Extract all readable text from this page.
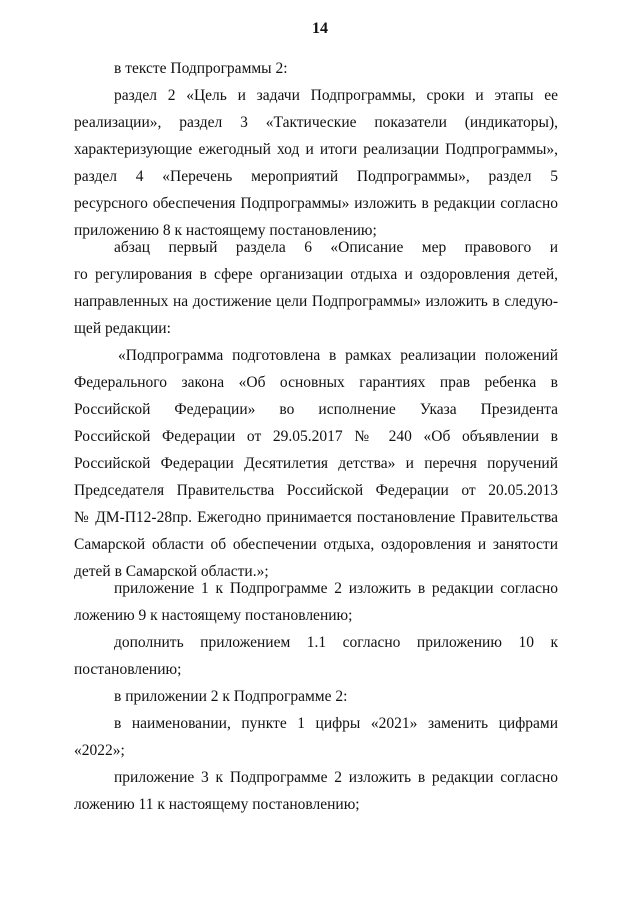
14
в тексте Подпрограммы 2:
раздел 2 «Цель и задачи Подпрограммы, сроки и этапы ее
реализации», раздел 3 «Тактические показатели (индикаторы),
характеризующие ежегодный ход и итоги реализации Подпрограммы»,
раздел 4 «Перечень мероприятий Подпрограммы», раздел 5
ресурсного обеспечения Подпрограммы» изложить в редакции согласно
приложению 8 к настоящему постановлению;
абзац первый раздела 6 «Описание мер правового и
го регулирования в сфере организации отдыха и оздоровления детей,
направленных на достижение цели Подпрограммы» изложить в следую-
щей редакции:
«Подпрограмма подготовлена в рамках реализации положений
Федерального закона «Об основных гарантиях прав ребенка в
Российской Федерации» во исполнение Указа Президента
Российской Федерации от 29.05.2017 № 240 «Об объявлении в
Российской Федерации Десятилетия детства» и перечня поручений
Председателя Правительства Российской Федерации от 20.05.2013
№ ДМ-П12-28пр. Ежегодно принимается постановление Правительства
Самарской области об обеспечении отдыха, оздоровления и занятости
детей в Самарской области.»;
приложение 1 к Подпрограмме 2 изложить в редакции согласно
ложению 9 к настоящему постановлению;
дополнить приложением 1.1 согласно приложению 10 к
постановлению;
в приложении 2 к Подпрограмме 2:
в наименовании, пункте 1 цифры «2021» заменить цифрами
«2022»;
приложение 3 к Подпрограмме 2 изложить в редакции согласно
ложению 11 к настоящему постановлению;
